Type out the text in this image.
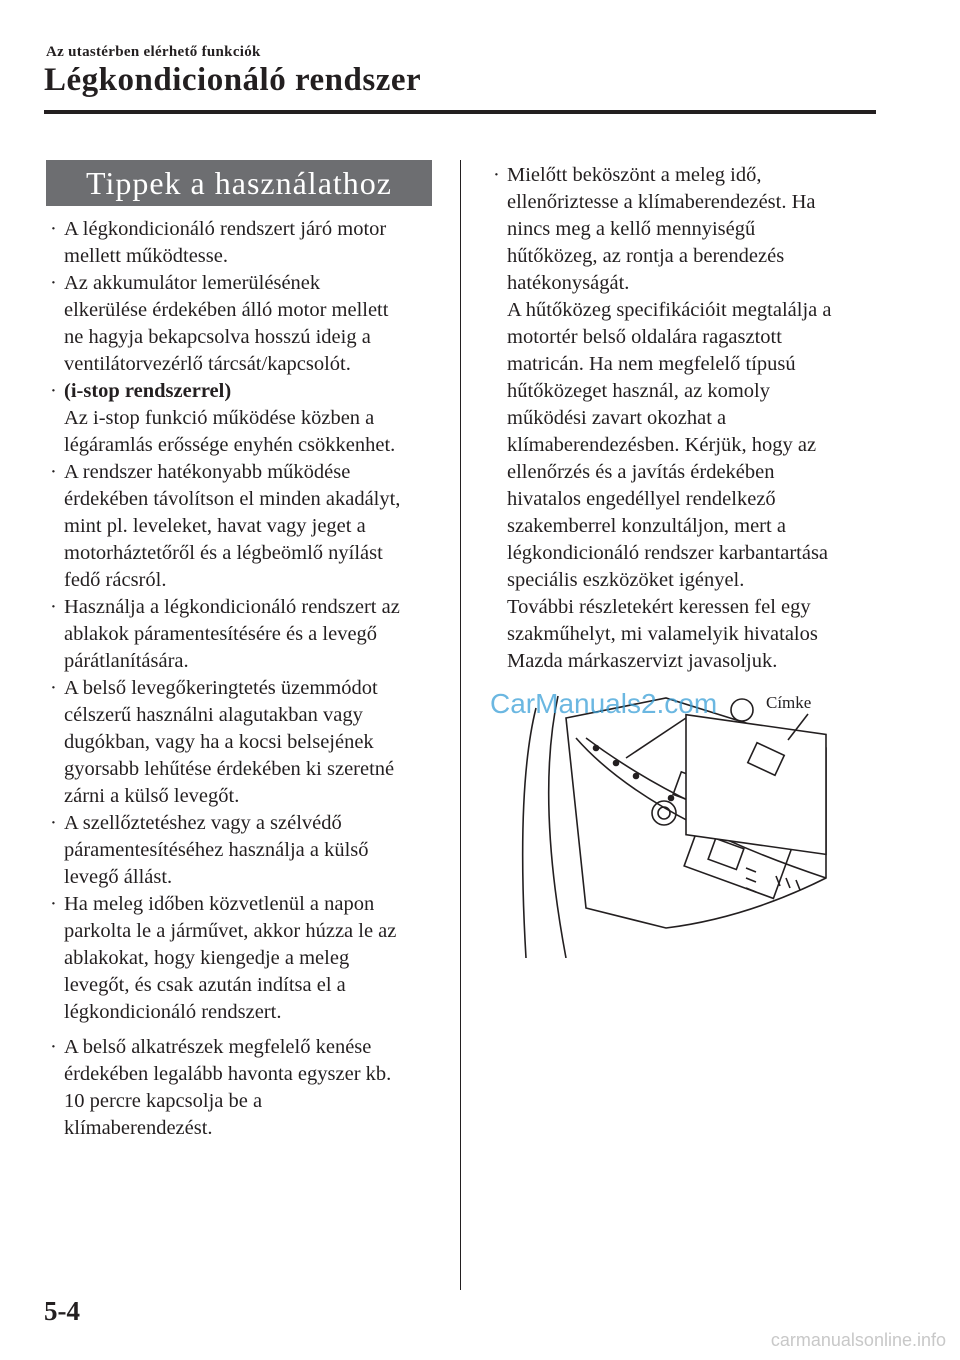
Az utastérben elérhető funkciók
Légkondicionáló rendszer
Tippek a használathoz
· A légkondicionáló rendszert járó motor
mellett működtesse.
· Az akkumulátor lemerülésének
elkerülése érdekében álló motor mellett
ne hagyja bekapcsolva hosszú ideig a
ventilátorvezérlő tárcsát/kapcsolót.
· (i-stop rendszerrel)
Az i-stop funkció működése közben a
légáramlás erőssége enyhén csökkenhet.
· A rendszer hatékonyabb működése
érdekében távolítson el minden akadályt,
mint pl. leveleket, havat vagy jeget a
motorháztetőről és a légbeömlő nyílást
fedő rácsról.
· Használja a légkondicionáló rendszert az
ablakok páramentesítésére és a levegő
párátlanítására.
· A belső levegőkeringtetés üzemmódot
célszerű használni alagutakban vagy
dugókban, vagy ha a kocsi belsejének
gyorsabb lehűtése érdekében ki szeretné
zárni a külső levegőt.
· A szellőztetéshez vagy a szélvédő
páramentesítéséhez használja a külső
levegő állást.
· Ha meleg időben közvetlenül a napon
parkolta le a járművet, akkor húzza le az
ablakokat, hogy kiengedje a meleg
levegőt, és csak azután indítsa el a
légkondicionáló rendszert.
· A belső alkatrészek megfelelő kenése
érdekében legalább havonta egyszer kb.
10 percre kapcsolja be a
klímaberendezést.
· Mielőtt beköszönt a meleg idő,
ellenőriztesse a klímaberendezést. Ha
nincs meg a kellő mennyiségű
hűtőközeg, az rontja a berendezés
hatékonyságát.
A hűtőközeg specifikációit megtalálja a
motortér belső oldalára ragasztott
matricán. Ha nem megfelelő típusú
hűtőközeget használ, az komoly
működési zavart okozhat a
klímaberendezésben. Kérjük, hogy az
ellenőrzés és a javítás érdekében
hivatalos engedéllyel rendelkező
szakemberrel konzultáljon, mert a
légkondicionáló rendszer karbantartása
speciális eszközöket igényel.
További részletekért keressen fel egy
szakműhelyt, mi valamelyik hivatalos
Mazda márkaszervizt javasoljuk.
Címke
CarManuals2.com
5-4
carmanualsonline.info
